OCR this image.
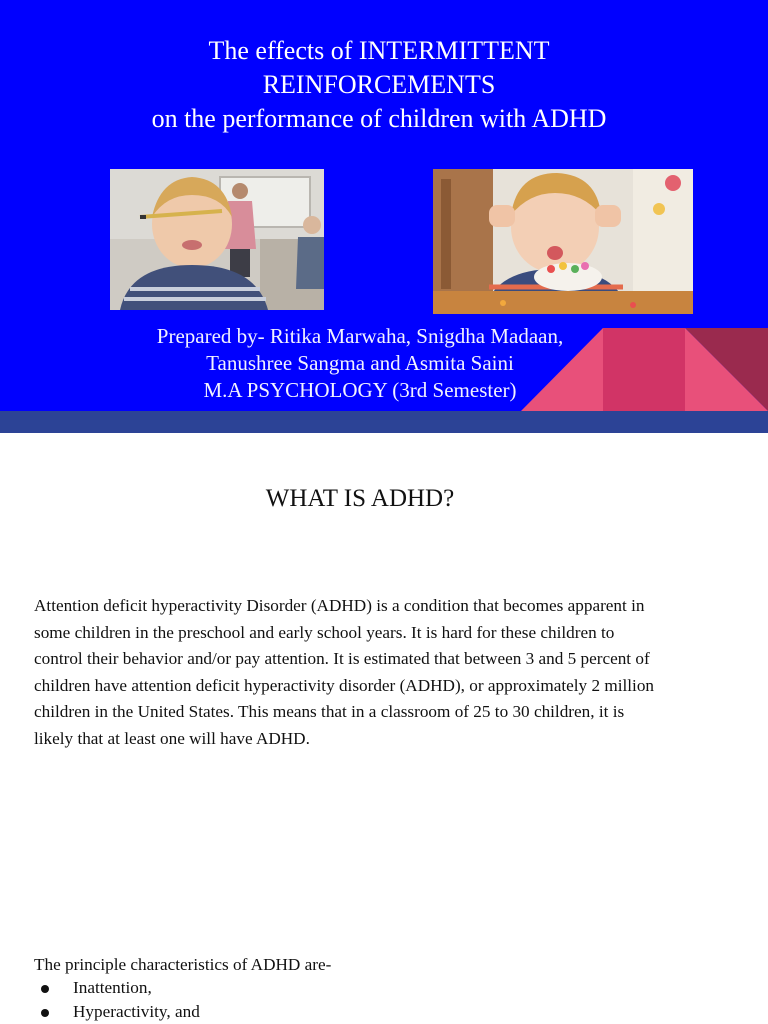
The effects of INTERMITTENT
REINFORCEMENTS
on the performance of children with ADHD
Prepared by- Ritika Marwaha, Snigdha Madaan,
Tanushree Sangma and Asmita Saini
M.A PSYCHOLOGY (3rd Semester)
WHAT IS ADHD?
Attention deficit hyperactivity Disorder (ADHD) is a condition that becomes apparent in
some children in the preschool and early school years. It is hard for these children to
control their behavior and/or pay attention. It is estimated that between 3 and 5 percent of
children have attention deficit hyperactivity disorder (ADHD), or approximately 2 million
children in the United States. This means that in a classroom of 25 to 30 children, it is
likely that at least one will have ADHD.
The principle characteristics of ADHD are-
Inattention,
Hyperactivity, and
